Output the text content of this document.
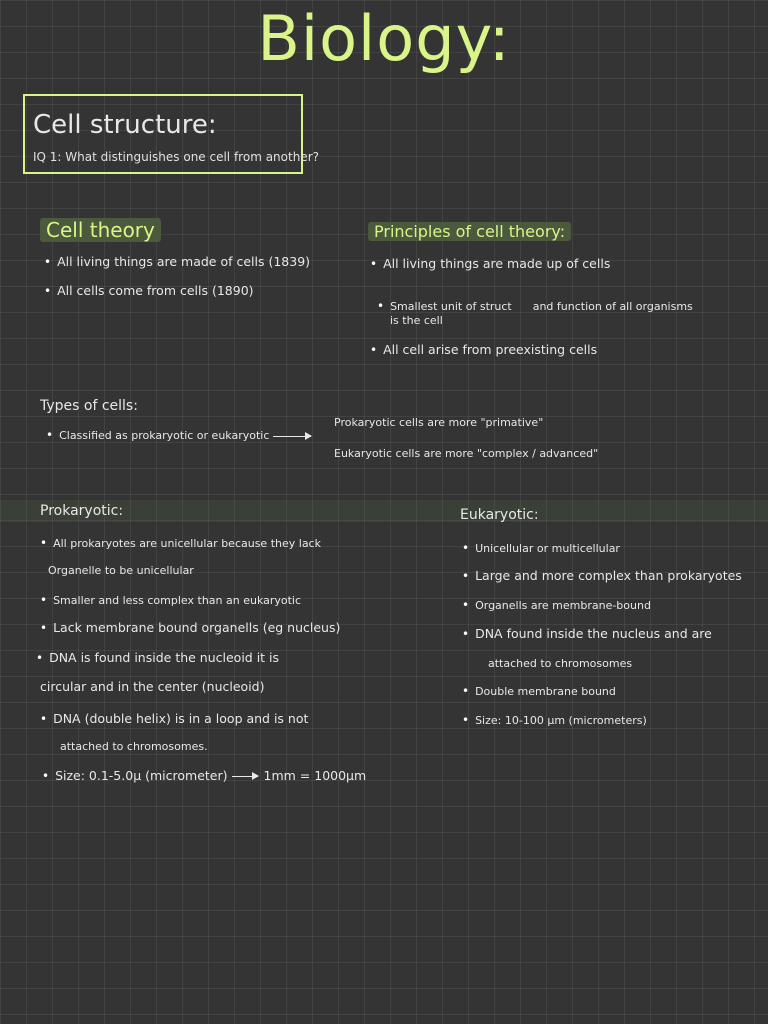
Biology:
Cell structure:
IQ 1: What distinguishes one cell from another?
Cell theory
• All living things are made of cells (1839)
• All cells come from cells (1890)
Principles of cell theory:
• All living things are made up of cells

• Smallest unit of struct      and function of all organisms

is the cell
• All cell arise from preexisting cells
Types of cells:
• Classified as prokaryotic or eukaryotic
Prokaryotic cells are more "primative"
Eukaryotic cells are more "complex / advanced"
Prokaryotic:
• All prokaryotes are unicellular because they lack
Organelle to be unicellular
• Smaller and less complex than an eukaryotic
• Lack membrane bound organells (eg nucleus)
• DNA is found inside the nucleoid it is
circular and in the center (nucleoid)
• DNA (double helix) is in a loop and is not
attached to chromosomes.
• Size: 0.1-5.0μ (micrometer)	1mm = 1000μm
Eukaryotic:
• Unicellular or multicellular
• Large and more complex than prokaryotes
• Organells are membrane-bound
• DNA found inside the nucleus and are
attached to chromosomes
• Double membrane bound
• Size: 10-100 μm (micrometers)
